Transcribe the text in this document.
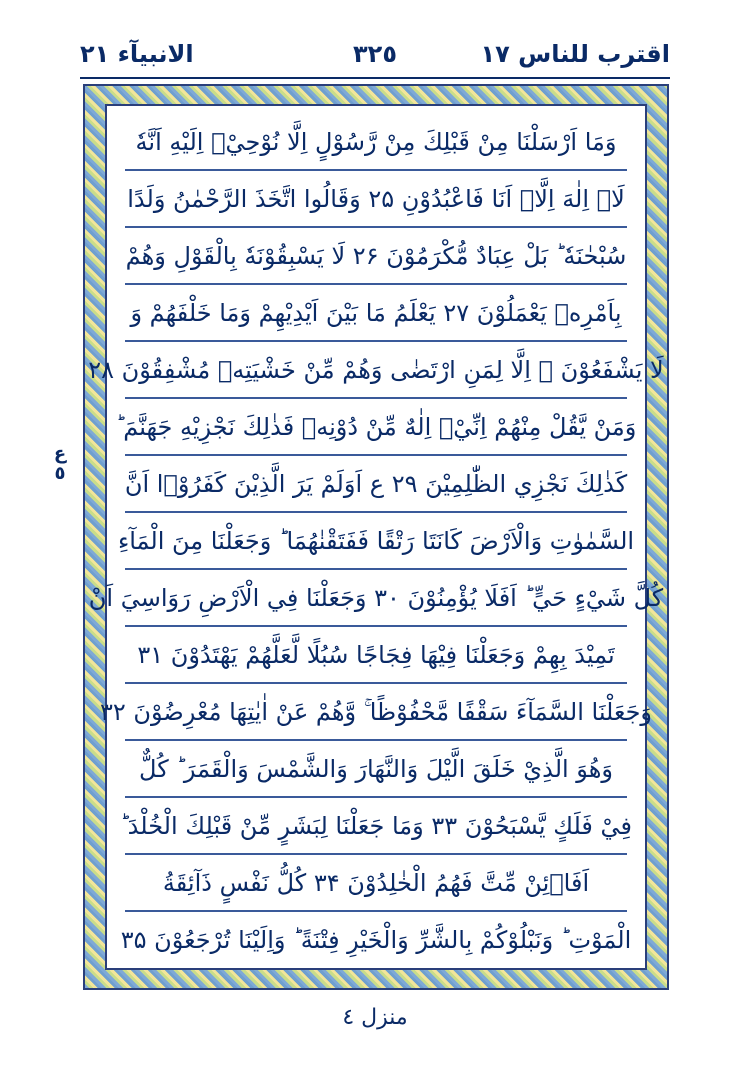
اقترب للناس ١٧
٣٢٥
الانبیآء ٢١
ع ٥
وَمَا اَرْسَلْنَا مِنْ قَبْلِكَ مِنْ رَّسُوْلٍ اِلَّا نُوْحِيْۤ اِلَيْهِ اَنَّهٗ
لَاۤ اِلٰهَ اِلَّاۤ اَنَا فَاعْبُدُوْنِ ۲۵ وَقَالُوا اتَّخَذَ الرَّحْمٰنُ وَلَدًا
سُبْحٰنَهٗ ؕ بَلْ عِبَادٌ مُّكْرَمُوْنَ ۲۶ لَا يَسْبِقُوْنَهٗ بِالْقَوْلِ وَهُمْ
بِاَمْرِهٖ يَعْمَلُوْنَ ۲۷ يَعْلَمُ مَا بَيْنَ اَيْدِيْهِمْ وَمَا خَلْفَهُمْ وَ
لَا يَشْفَعُوْنَ ۙ اِلَّا لِمَنِ ارْتَضٰى وَهُمْ مِّنْ خَشْيَتِهٖ مُشْفِقُوْنَ ۲۸
وَمَنْ يَّقُلْ مِنْهُمْ اِنِّيْۤ اِلٰهٌ مِّنْ دُوْنِهٖ فَذٰلِكَ نَجْزِيْهِ جَهَنَّمَ ؕ
كَذٰلِكَ نَجْزِي الظّٰلِمِيْنَ ۲۹ ع اَوَلَمْ يَرَ الَّذِيْنَ كَفَرُوْۤا اَنَّ
السَّمٰوٰتِ وَالْاَرْضَ كَانَتَا رَتْقًا فَفَتَقْنٰهُمَا ؕ وَجَعَلْنَا مِنَ الْمَآءِ
كُلَّ شَيْءٍ حَيٍّ ؕ اَفَلَا يُؤْمِنُوْنَ ۳۰ وَجَعَلْنَا فِي الْاَرْضِ رَوَاسِيَ اَنْ
تَمِيْدَ بِهِمْ وَجَعَلْنَا فِيْهَا فِجَاجًا سُبُلًا لَّعَلَّهُمْ يَهْتَدُوْنَ ۳۱
وَجَعَلْنَا السَّمَآءَ سَقْفًا مَّحْفُوْظًا ۚ وَّهُمْ عَنْ اٰيٰتِهَا مُعْرِضُوْنَ ۳۲
وَهُوَ الَّذِيْ خَلَقَ الَّيْلَ وَالنَّهَارَ وَالشَّمْسَ وَالْقَمَرَ ؕ كُلٌّ
فِيْ فَلَكٍ يَّسْبَحُوْنَ ۳۳ وَمَا جَعَلْنَا لِبَشَرٍ مِّنْ قَبْلِكَ الْخُلْدَ ؕ
اَفَاۡئِنْ مِّتَّ فَهُمُ الْخٰلِدُوْنَ ۳۴ كُلُّ نَفْسٍ ذَآئِقَةُ
الْمَوْتِ ؕ وَنَبْلُوْكُمْ بِالشَّرِّ وَالْخَيْرِ فِتْنَةً ؕ وَاِلَيْنَا تُرْجَعُوْنَ ۳۵
منزل ٤
